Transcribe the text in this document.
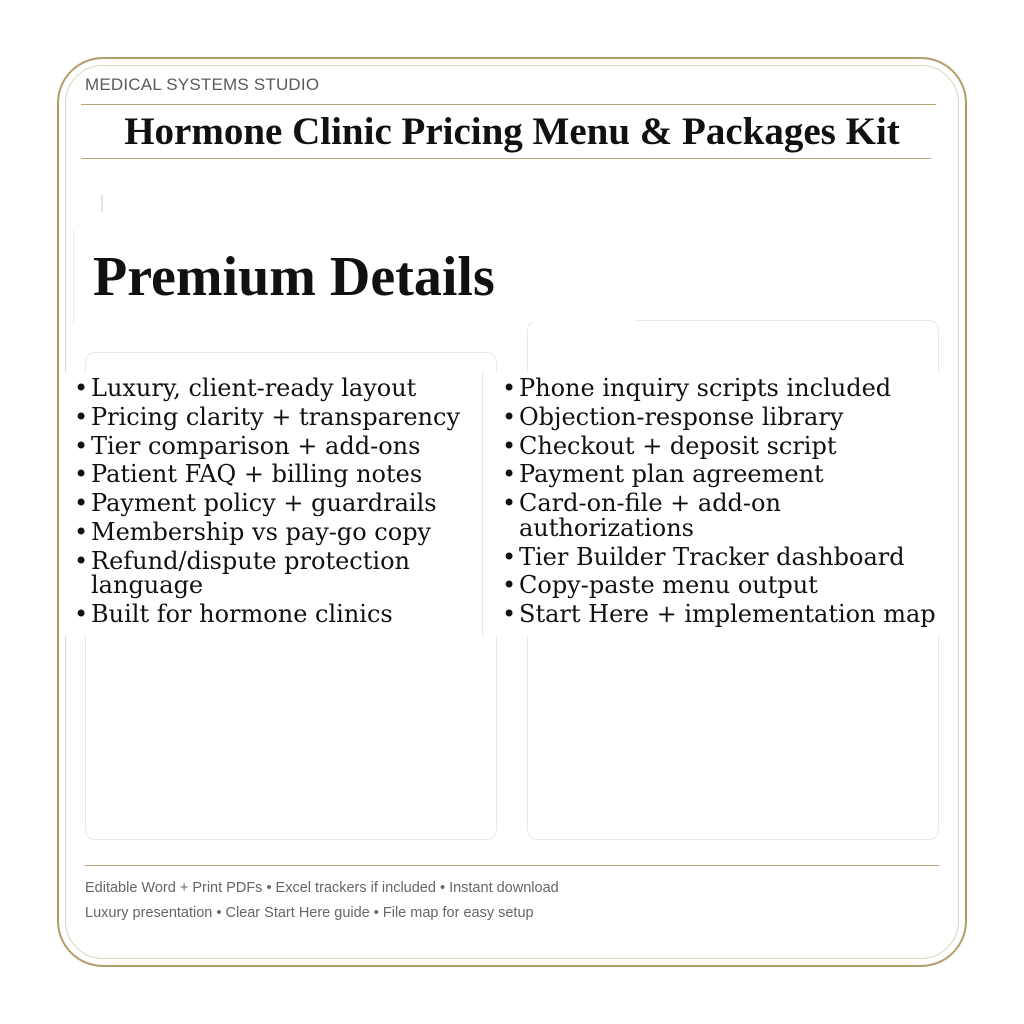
MEDICAL SYSTEMS STUDIO
Hormone Clinic Pricing Menu & Packages Kit
Premium Details
• Luxury, client-ready layout
• Pricing clarity + transparency
• Tier comparison + add-ons
• Patient FAQ + billing notes
• Payment policy + guardrails
• Membership vs pay-go copy
• Refund/dispute protection
language
• Built for hormone clinics
• Phone inquiry scripts included
• Objection-response library
• Checkout + deposit script
• Payment plan agreement
• Card-on-file + add-on
authorizations
• Tier Builder Tracker dashboard
• Copy-paste menu output
• Start Here + implementation map
Editable Word + Print PDFs • Excel trackers if included • Instant download
Luxury presentation • Clear Start Here guide • File map for easy setup
